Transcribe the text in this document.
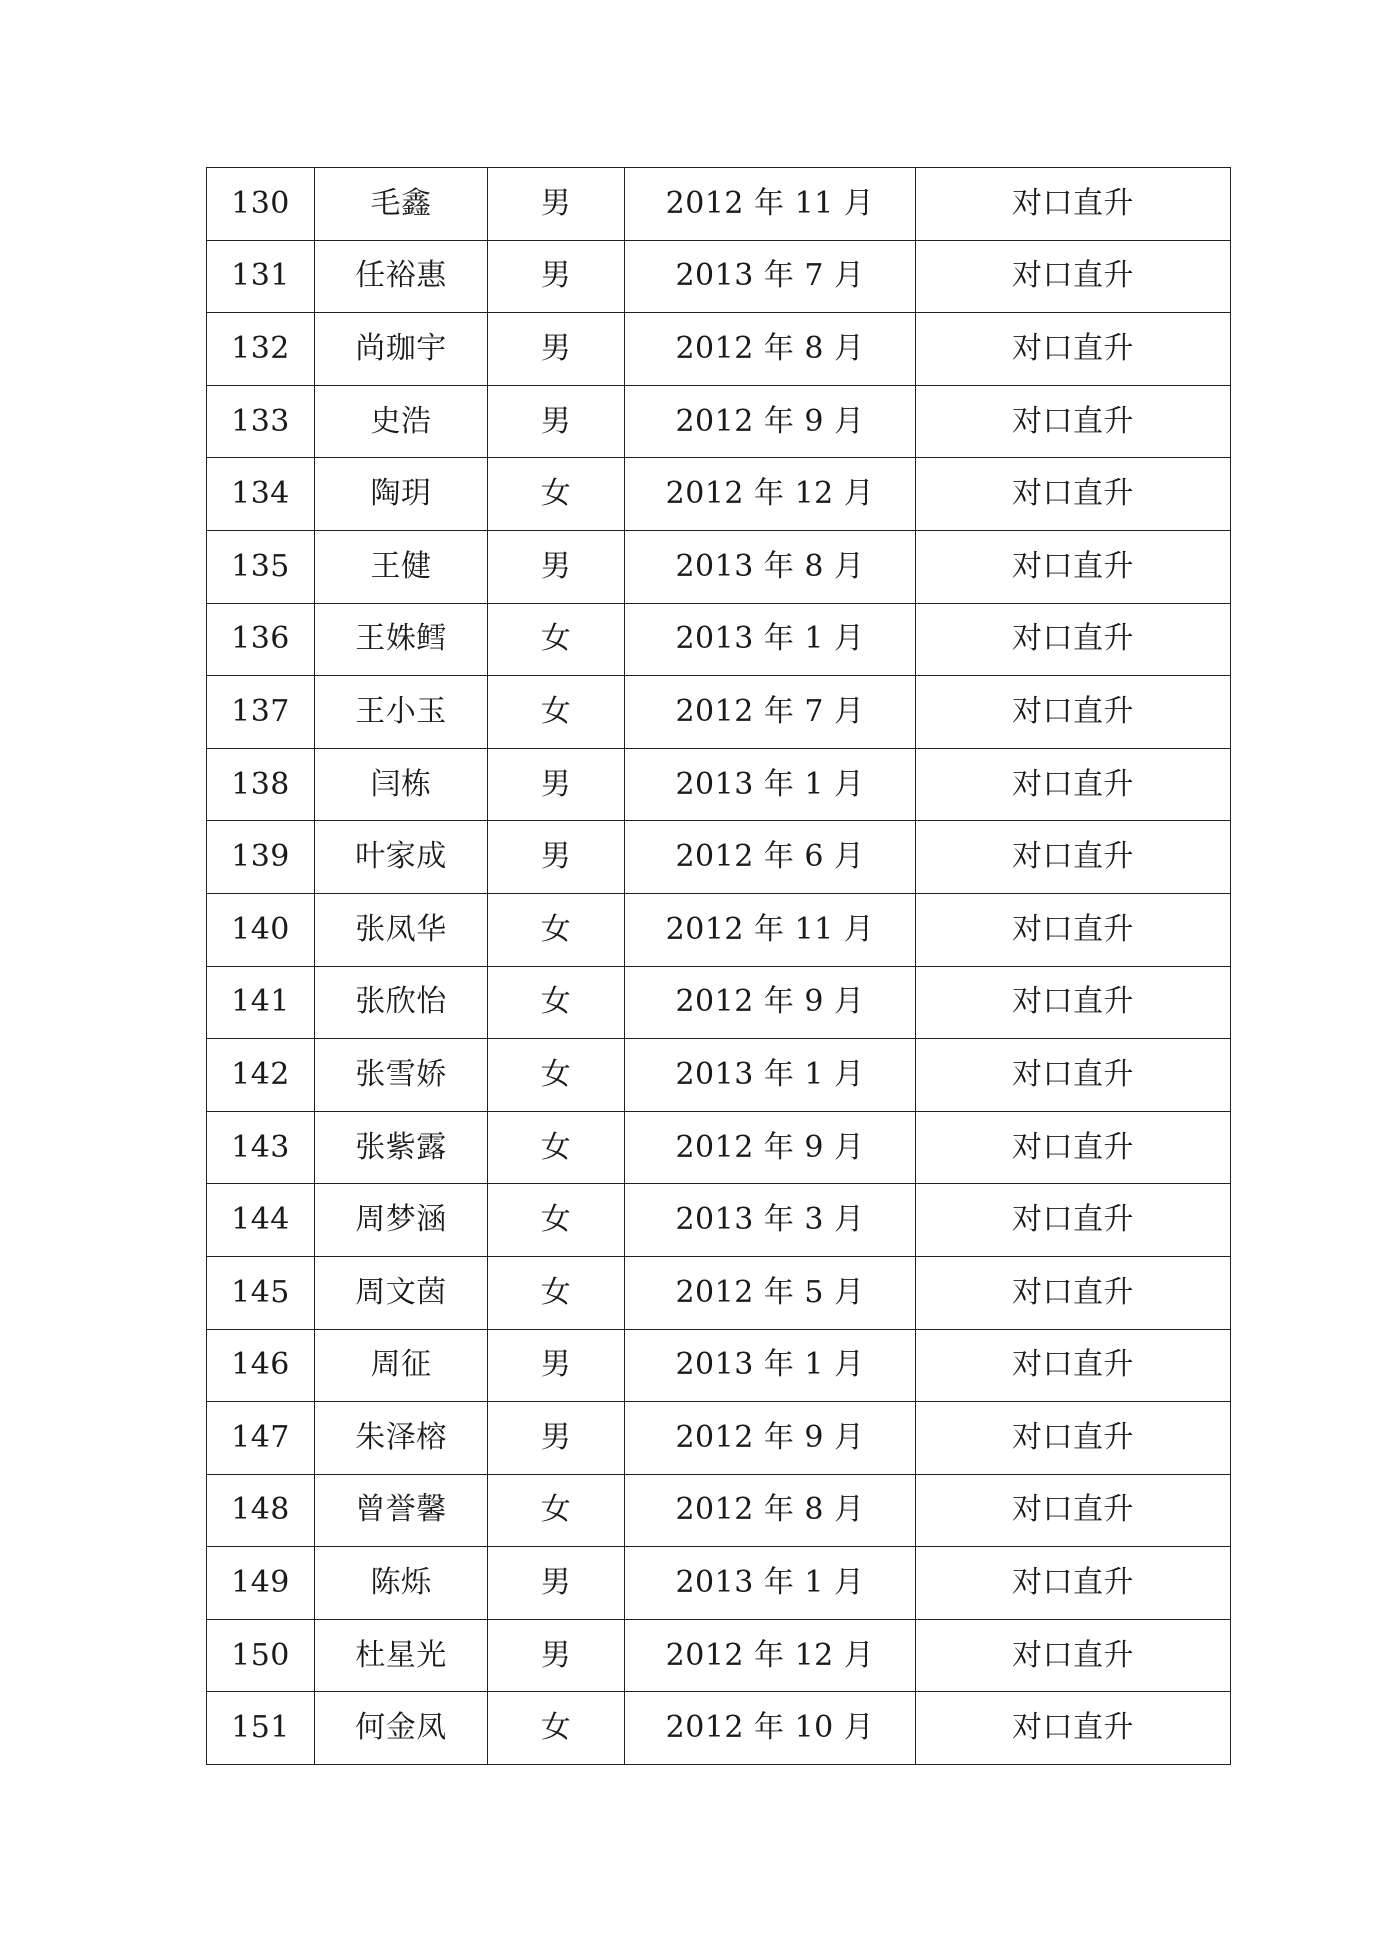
130	毛鑫	男	2012 年 11 月	对口直升
131	任裕惠	男	2013 年 7 月	对口直升
132	尚珈宇	男	2012 年 8 月	对口直升
133	史浩	男	2012 年 9 月	对口直升
134	陶玥	女	2012 年 12 月	对口直升
135	王健	男	2013 年 8 月	对口直升
136	王姝鳕	女	2013 年 1 月	对口直升
137	王小玉	女	2012 年 7 月	对口直升
138	闫栋	男	2013 年 1 月	对口直升
139	叶家成	男	2012 年 6 月	对口直升
140	张凤华	女	2012 年 11 月	对口直升
141	张欣怡	女	2012 年 9 月	对口直升
142	张雪娇	女	2013 年 1 月	对口直升
143	张紫露	女	2012 年 9 月	对口直升
144	周梦涵	女	2013 年 3 月	对口直升
145	周文茵	女	2012 年 5 月	对口直升
146	周征	男	2013 年 1 月	对口直升
147	朱泽榕	男	2012 年 9 月	对口直升
148	曾誉馨	女	2012 年 8 月	对口直升
149	陈烁	男	2013 年 1 月	对口直升
150	杜星光	男	2012 年 12 月	对口直升
151	何金凤	女	2012 年 10 月	对口直升
